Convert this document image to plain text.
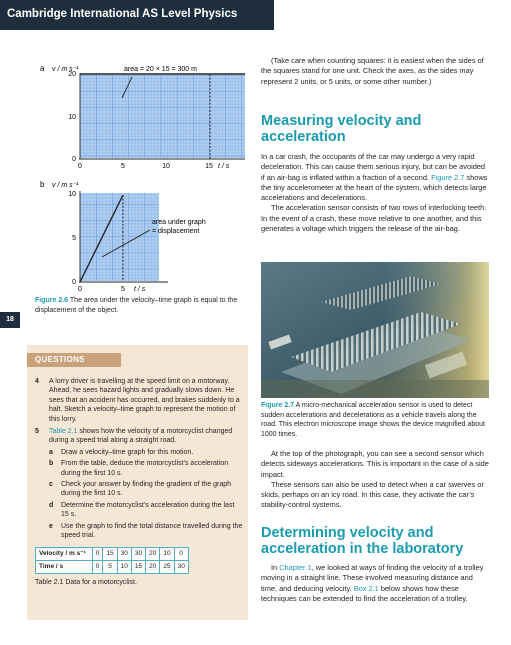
Cambridge International AS Level Physics
18
a v / m s⁻¹	area = 20 × 15 = 300 m
20
10
0
0	5	10	15 t / s
b v / m s⁻¹
area under graph
= displacement
10
5
0
0	5 t / s
Figure 2.6 The area under the velocity–time graph is equal to the displacement of the object.
QUESTIONS
4	A lorry driver is travelling at the speed limit on a motorway. Ahead, he sees hazard lights and gradually slows down. He sees that an accident has occurred, and brakes suddenly to a halt. Sketch a velocity–time graph to represent the motion of this lorry.
5	Table 2.1 shows how the velocity of a motorcyclist changed during a speed trial along a straight road.
a	Draw a velocity–time graph for this motion.
b	From the table, deduce the motorcyclist’s acceleration during the first 10 s.
c	Check your answer by finding the gradient of the graph during the first 10 s.
d	Determine the motorcyclist’s acceleration during the last 15 s.
e	Use the graph to find the total distance travelled during the speed trial.
Velocity / m s⁻¹	0	15	30	30	20	10	0
Time / s	0	5	10	15	20	25	30
Table 2.1 Data for a motorcyclist.

(Take care when counting squares: it is easiest when the sides of the squares stand for one unit. Check the axes, as the sides may represent 2 units, or 5 units, or some other number.)

Measuring velocity and
acceleration

In a car crash, the occupants of the car may undergo a very rapid deceleration. This can cause them serious injury, but can be avoided if an air-bag is inflated within a fraction of a second. Figure 2.7 shows the tiny accelerometer at the heart of the system, which detects large accelerations and decelerations.

The acceleration sensor consists of two rows of interlocking teeth. In the event of a crash, these move relative to one another, and this generates a voltage which triggers the release of the air-bag.

Figure 2.7 A micro-mechanical acceleration sensor is used to detect sudden accelerations and decelerations as a vehicle travels along the road. This electron microscope image shows the device magnified about 1000 times.

At the top of the photograph, you can see a second sensor which detects sideways accelerations. This is important in the case of a side impact.

These sensors can also be used to detect when a car swerves or skids, perhaps on an icy road. In this case, they activate the car’s stability-control systems.

Determining velocity and
acceleration in the laboratory

In Chapter 1, we looked at ways of finding the velocity of a trolley moving in a straight line. These involved measuring distance and time, and deducing velocity. Box 2.1 below shows how these techniques can be extended to find the acceleration of a trolley.
